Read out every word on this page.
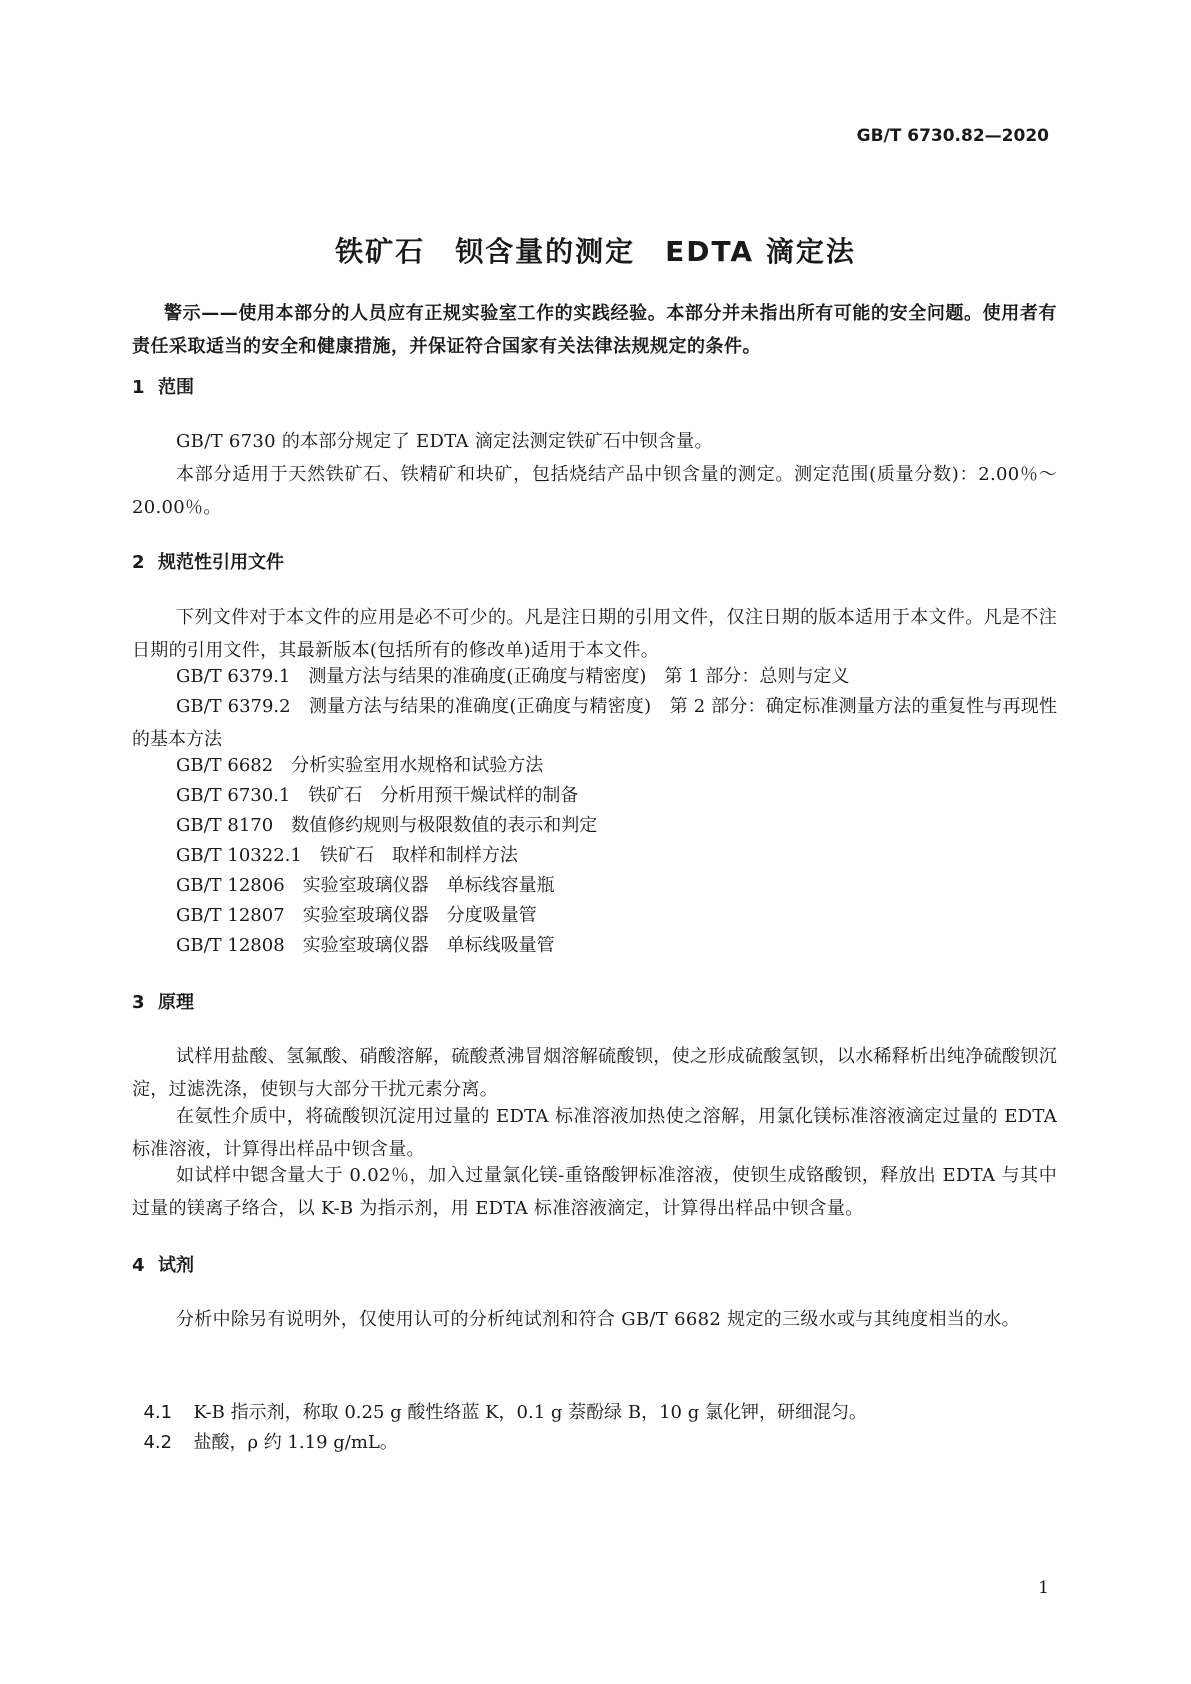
GB/T 6730.82—2020
铁矿石　钡含量的测定　EDTA 滴定法
警示——使用本部分的人员应有正规实验室工作的实践经验。本部分并未指出所有可能的安全问题。使用者有责任采取适当的安全和健康措施，并保证符合国家有关法律法规规定的条件。
1 范围
GB/T 6730 的本部分规定了 EDTA 滴定法测定铁矿石中钡含量。
本部分适用于天然铁矿石、铁精矿和块矿，包括烧结产品中钡含量的测定。测定范围(质量分数)：2.00％～20.00％。
2 规范性引用文件
下列文件对于本文件的应用是必不可少的。凡是注日期的引用文件，仅注日期的版本适用于本文件。凡是不注日期的引用文件，其最新版本(包括所有的修改单)适用于本文件。
GB/T 6379.1　测量方法与结果的准确度(正确度与精密度)　第 1 部分：总则与定义
GB/T 6379.2　测量方法与结果的准确度(正确度与精密度)　第 2 部分：确定标准测量方法的重复性与再现性的基本方法
GB/T 6682　分析实验室用水规格和试验方法
GB/T 6730.1　铁矿石　分析用预干燥试样的制备
GB/T 8170　数值修约规则与极限数值的表示和判定
GB/T 10322.1　铁矿石　取样和制样方法
GB/T 12806　实验室玻璃仪器　单标线容量瓶
GB/T 12807　实验室玻璃仪器　分度吸量管
GB/T 12808　实验室玻璃仪器　单标线吸量管
3 原理
试样用盐酸、氢氟酸、硝酸溶解，硫酸煮沸冒烟溶解硫酸钡，使之形成硫酸氢钡，以水稀释析出纯净硫酸钡沉淀，过滤洗涤，使钡与大部分干扰元素分离。
在氨性介质中，将硫酸钡沉淀用过量的 EDTA 标准溶液加热使之溶解，用氯化镁标准溶液滴定过量的 EDTA 标准溶液，计算得出样品中钡含量。
如试样中锶含量大于 0.02％，加入过量氯化镁-重铬酸钾标准溶液，使钡生成铬酸钡，释放出 EDTA 与其中过量的镁离子络合，以 K-B 为指示剂，用 EDTA 标准溶液滴定，计算得出样品中钡含量。
4 试剂
分析中除另有说明外，仅使用认可的分析纯试剂和符合 GB/T 6682 规定的三级水或与其纯度相当的水。

4.1 K-B 指示剂，称取 0.25 g 酸性络蓝 K，0.1 g 萘酚绿 B，10 g 氯化钾，研细混匀。

4.2 盐酸，ρ 约 1.19 g/mL。

1
